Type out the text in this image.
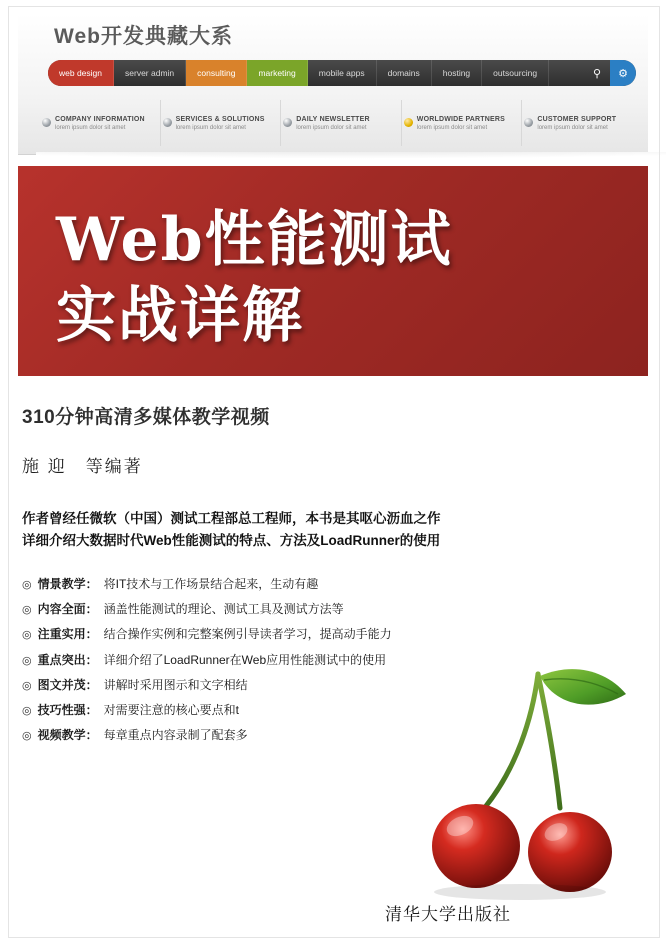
Web开发典藏大系
web design	server admin	consulting	marketing	mobile apps	domains	hosting	outsourcing	⚲	⚙
COMPANY INFORMATION
lorem ipsum dolor sit amet
SERVICES & SOLUTIONS
lorem ipsum dolor sit amet
DAILY NEWSLETTER
lorem ipsum dolor sit amet
WORLDWIDE PARTNERS
lorem ipsum dolor sit amet
CUSTOMER SUPPORT
lorem ipsum dolor sit amet
Web性能测试
实战详解
310分钟高清多媒体教学视频
施 迎　等编著
作者曾经任微软（中国）测试工程部总工程师，本书是其呕心沥血之作
详细介绍大数据时代Web性能测试的特点、方法及LoadRunner的使用
◎ 情景教学： 将IT技术与工作场景结合起来，生动有趣
◎ 内容全面： 涵盖性能测试的理论、测试工具及测试方法等
◎ 注重实用： 结合操作实例和完整案例引导读者学习，提高动手能力
◎ 重点突出： 详细介绍了LoadRunner在Web应用性能测试中的使用
◎ 图文并茂： 讲解时采用图示和文字相结
◎ 技巧性强： 对需要注意的核心要点和t
◎ 视频教学： 每章重点内容录制了配套多
清华大学出版社
